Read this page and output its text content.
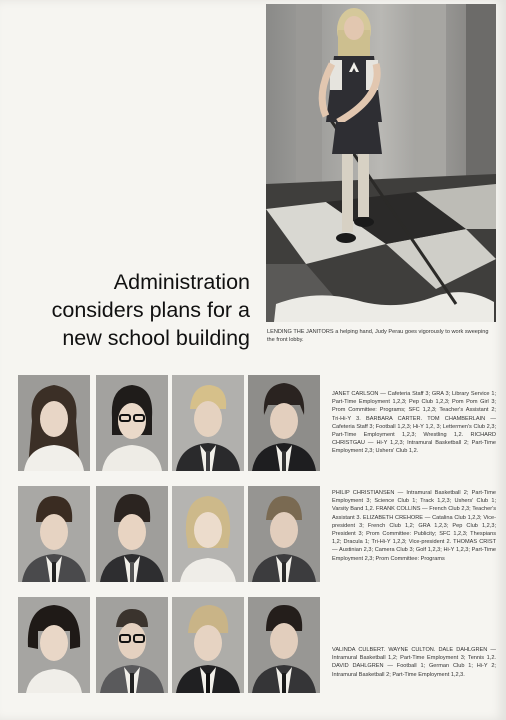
LENDING THE JANITORS a helping hand, Judy Perau goes vigorously to work sweeping the front lobby.

Administration
considers plans for a
new school building

JANET CARLSON — Cafeteria Staff 3; GRA 3; Library Service 1; Part-Time Employment 1,2,3; Pep Club 1,2,3; Pom Pom Girl 3; Prom Committee: Programs; SFC 1,2,3; Teacher's Assistant 2; Tri-Hi-Y 3. BARBARA CARTER. TOM CHAMBERLAIN — Cafeteria Staff 3; Football 1,2,3; Hi-Y 1,2, 3; Lettermen's Club 2,3; Part-Time Employment 1,2,3; Wrestling 1,2. RICHARD CHRISTGAU — Hi-Y 1,2,3; Intramural Basketball 2; Part-Time Employment 2,3; Ushers' Club 1,2.

PHILIP CHRISTIANSEN — Intramural Basketball 2; Part-Time Employment 3; Science Club 1; Track 1,2,3; Ushers' Club 1; Varsity Band 1,2. FRANK COLLINS — French Club 2,3; Teacher's Assistant 3. ELIZABETH CREHORE — Catalina Club 1,2,3; Vice-president 3; French Club 1,2; GRA 1,2,3; Pep Club 1,2,3; President 3; Prom Committee: Publicity; SFC 1,2,3; Thespians 1,2; Dracula 1; Tri-Hi-Y 1,2,3; Vice-president 2. THOMAS CRIST — Austinian 2,3; Camera Club 3; Golf 1,2,3; Hi-Y 1,2,3; Part-Time Employment 2,3; Prom Committee: Programs

VALINDA CULBERT. WAYNE CULTON. DALE DAHLGREN — Intramural Basketball 1,2; Part-Time Employment 3; Tennis 1,2. DAVID DAHLGREN — Football 1; German Club 1; Hi-Y 2; Intramural Basketball 2; Part-Time Employment 1,2,3.
